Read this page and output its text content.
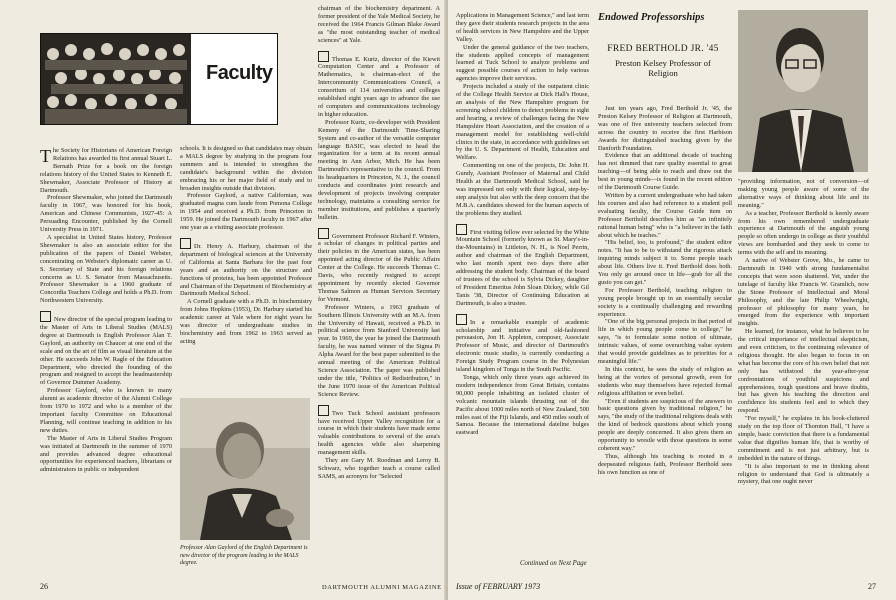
Faculty

The Society for Historians of American Foreign Relations has awarded its first annual Stuart L. Bernath Prize for a book on the foreign relations history of the United States to Kenneth E. Shewmaker, Associate Professor of History at Dartmouth.

Professor Shewmaker, who joined the Dartmouth faculty in 1967, was honored for his book, American and Chinese Communists, 1927-45: A Persuading Encounter, published by the Cornell University Press in 1971.

A specialist in United States history, Professor Shewmaker is also an associate editor for the publication of the papers of Daniel Webster, concentrating on Webster's diplomatic career as U. S. Secretary of State and his foreign relations concerns as U. S. Senator from Massachusetts. Professor Shewmaker is a 1960 graduate of Concordia Teachers College and holds a Ph.D. from Northwestern University.

New director of the special program leading to the Master of Arts in Liberal Studies (MALS) degree at Dartmouth is English Professor Alan T. Gaylord, an authority on Chaucer at one end of the scale and on the art of film as visual literature at the other. He succeeds John W. Ragle of the Education Department, who directed the founding of the program and resigned to accept the headmastership of Governor Dummer Academy.

Professor Gaylord, who is known to many alumni as academic director of the Alumni College from 1970 to 1972 and who is a member of the important faculty Committee on Educational Planning, will continue teaching in addition to his new duties.

The Master of Arts in Liberal Studies Program was initiated at Dartmouth in the summer of 1970 and provides advanced degree educational opportunities for experienced teachers, librarians or administrators in public or independent

schools. It is designed so that candidates may obtain a MALS degree by studying in the program four summers and is intended to strengthen the candidate's background within the division embracing his or her major field of study and to broaden insights outside that division.

Professor Gaylord, a native Californian, was graduated magna cum laude from Pomona College in 1954 and received a Ph.D. from Princeton in 1959. He joined the Dartmouth faculty in 1967 after one year as a visiting associate professor.

Dr. Henry A. Harbury, chairman of the department of biological sciences at the University of California at Santa Barbara for the past four years and an authority on the structure and functions of proteins, has been appointed Professor and Chairman of the Department of Biochemistry at Dartmouth Medical School.

A Cornell graduate with a Ph.D. in biochemistry from Johns Hopkins (1953), Dr. Harbury started his academic career at Yale where for eight years he was director of undergraduate studies in biochemistry and from 1962 to 1963 served as acting

Professor Alan Gaylord of the English Department is new director of the program leading to the MALS degree.

chairman of the biochemistry department. A former president of the Yale Medical Society, he received the 1964 Francis Gilman Blake Award as "the most outstanding teacher of medical sciences" at Yale.

Thomas E. Kurtz, director of the Kiewit Computation Center and a Professor of Mathematics, is chairman-elect of the Intercommunity Communications Council, a consortium of 114 universities and colleges established eight years ago to advance the use of computers and communications technology in higher education.

Professor Kurtz, co-developer with President Kemeny of the Dartmouth Time-Sharing System and co-author of the versatile computer language BASIC, was elected to head the organization for a term at its recent annual meeting in Ann Arbor, Mich. He has been Dartmouth's representative to the council. From its headquarters in Princeton, N. J., the council conducts and coordinates joint research and development of projects involving computer technology, maintains a consulting service for member institutions, and publishes a quarterly bulletin.

Government Professor Richard F. Winters, a scholar of changes in political parties and their policies in the American states, has been appointed acting director of the Public Affairs Center at the College. He succeeds Thomas C. Davis, who recently resigned to accept appointment by recently elected Governor Thomas Salmon as Human Services Secretary for Vermont.

Professor Winters, a 1963 graduate of Southern Illinois University with an M.A. from the University of Hawaii, received a Ph.D. in political science from Stanford University last year. In 1969, the year he joined the Dartmouth faculty, he was named winner of the Sigma Pi Alpha Award for the best paper submitted to the annual meeting of the American Political Science Association. The paper was published under the title, "Politics of Redistribution," in the June 1970 issue of the American Political Science Review.

Two Tuck School assistant professors have received Upper Valley recognition for a course in which their students have made some valuable contributions to several of the area's health agencies while also sharpening management skills.

They are Gary M. Roodman and Leroy B. Schwarz, who together teach a course called SAMS, an acronym for "Selected

26	DARTMOUTH ALUMNI MAGAZINE

Applications in Management Science," and last term they gave their students research projects in the area of health services in New Hampshire and the Upper Valley.

Under the general guidance of the two teachers, the students applied concepts of management learned at Tuck School to analyze problems and suggest possible courses of action to help various agencies improve their services.

Projects included a study of the outpatient clinic of the College Health Service at Dick Hall's House, an analysis of the New Hampshire program for screening school children to detect problems in sight and hearing, a review of challenges facing the New Hampshire Heart Association, and the creation of a management model for establishing well-child clinics in the state, in accordance with guidelines set by the U. S. Department of Health, Education and Welfare.

Commenting on one of the projects, Dr. John H. Gundy, Assistant Professor of Maternal and Child Health at the Dartmouth Medical School, said he was impressed not only with their logical, step-by-step analysis but also with the deep concern that the M.B.A. candidates showed for the human aspects of the problems they studied.

First visiting fellow ever selected by the White Mountain School (formerly known as St. Mary's-in-the-Mountains) in Littleton, N. H., is Noel Perrin, author and chairman of the English Department, who last month spent two days there after addressing the student body. Chairman of the board of trustees of the school is Sylvia Dickey, daughter of President Emeritus John Sloan Dickey, while Gil Tanis '38, Director of Continuing Education at Dartmouth, is also a trustee.

In a remarkable example of academic scholarship and initiative and old-fashioned persuasion, Jon H. Appleton, composer, Associate Professor of Music, and director of Dartmouth's electronic music studio, is currently conducting a Foreign Study Program course in the Polynesian island kingdom of Tonga in the South Pacific.

Tonga, which only three years ago achieved its modern independence from Great Britain, contains 90,000 people inhabiting an isolated cluster of volcanic mountain islands thrusting out of the Pacific about 1000 miles north of New Zealand, 500 miles east of the Fiji Islands, and 450 miles south of Samoa. Because the international dateline bulges eastward

Continued on Next Page
Endowed Professorships
FRED BERTHOLD JR. '45
Preston Kelsey Professor of Religion

Just ten years ago, Fred Berthold Jr. '45, the Preston Kelsey Professor of Religion at Dartmouth, was one of five university teachers selected from across the country to receive the first Harbison Awards for distinguished teaching given by the Danforth Foundation.

Evidence that an additional decade of teaching has not dimmed that rare quality essential to great teaching—of being able to reach and draw out the best in young minds—is found in the recent edition of the Dartmouth Course Guide.

Written by a current undergraduate who had taken his courses and also had reference to a student poll evaluating faculty, the Course Guide item on Professor Berthold describes him as "an infinitely rational human being" who is "a believer in the faith about which he teaches."

"His belief, too, is profound," the student editor notes. "It has to be to withstand the rigorous attack inquiring minds subject it to. Some people teach about life. Others live it. Fred Berthold does both. You only go around once in life—grab for all the gusto you can get."

For Professor Berthold, teaching religion to young people brought up in an essentially secular society is a continually challenging and rewarding experience.

"One of the big personal projects in that period of life in which young people come to college," he says, "is to formulate some notion of ultimate, intrinsic values, of some overarching value system that would provide guidelines as to priorities for a meaningful life."

In this context, he sees the study of religion as being at the vortex of personal growth, even for students who may themselves have rejected formal religious affiliation or even belief.

"Even if students are suspicious of the answers to basic questions given by traditional religion," he says, "the study of the traditional religions deals with the kind of bedrock questions about which young people are deeply concerned. It also gives them an opportunity to wrestle with those questions in some coherent way."

Thus, although his teaching is rooted in a deepseated religious faith, Professor Berthold sees his own function as one of

"providing information, not of conversion—of making young people aware of some of the alternative ways of thinking about life and its meaning."

As a teacher, Professor Berthold is keenly aware from his own remembered undergraduate experience at Dartmouth of the anguish young people so often undergo in college as their youthful views are bombarded and they seek to come to terms with the self and its meaning.

A native of Webster Grove, Mo., he came to Dartmouth in 1940 with strong fundamentalist concepts that were soon shattered. Yet, under the tutelage of faculty like Francis W. Gramlich, now the Stone Professor of Intellectual and Moral Philosophy, and the late Philip Wheelwright, professor of philosophy for many years, he emerged from the experience with important insights.

He learned, for instance, what he believes to be the critical importance of intellectual skepticism, and even criticism, to the continuing relevance of religious thought. He also began to focus in on what has become the core of his own belief that not only has withstood the year-after-year confrontations of youthful suspicions and apprehensions, tough questions and brave doubts, but has given his teaching the direction and confidence his students feel and to which they respond.

"For myself," he explains in his book-cluttered study on the top floor of Thornton Hall, "I have a simple, basic conviction that there is a fundamental value that dignifies human life, that is worthy of commitment and is not just arbitrary, but is imbedded in the nature of things.

"It is also important to me in thinking about religion to understand that God is ultimately a mystery, that one ought never

Issue of FEBRUARY 1973	27
